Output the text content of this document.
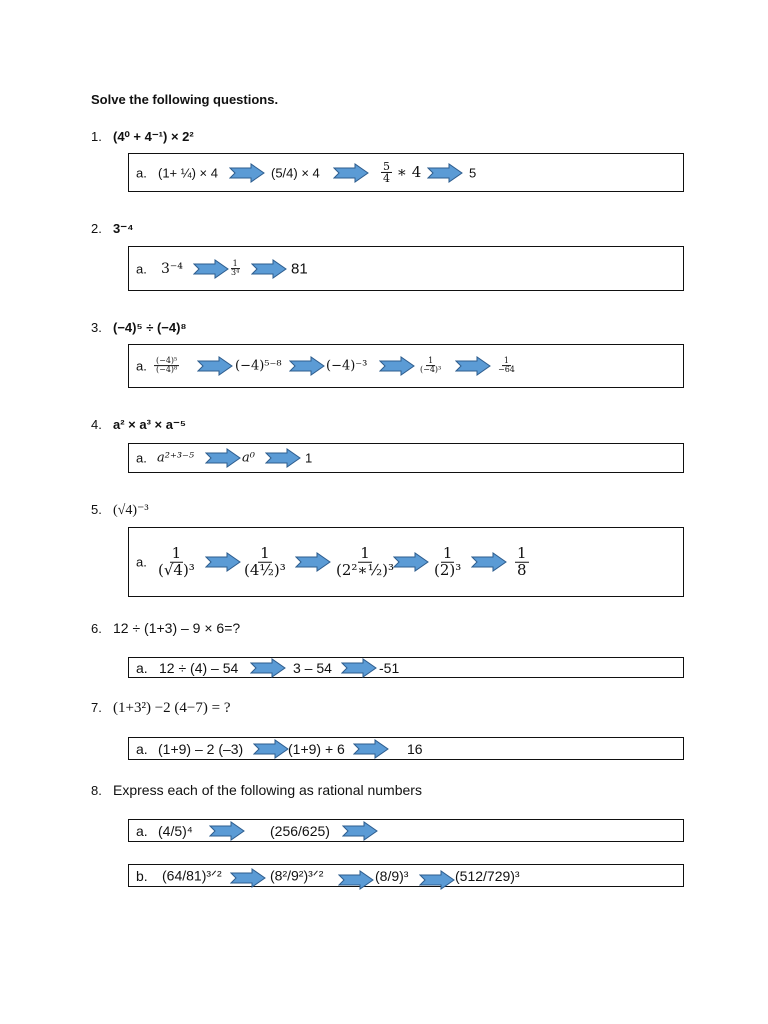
Solve the following questions.
1. (4⁰ + 4⁻¹) × 2²
a. (1+ ¼) × 4	(5/4) × 4	$\frac{5}{4}$ ∗ 4	5
2. 3⁻⁴
a. 3⁻⁴	$\frac{1}{\text{3⁴}}$	81
3. (−4)⁵ ÷ (−4)⁸
a. $\frac{\text{(−4)⁵}}{\text{(−4)⁸}}$	(−4)⁵⁻⁸	(−4)⁻³	$\frac{1}{\text{(−4)³}}$	$\frac{1}{-64}$
4. a² × a³ × a⁻⁵
a. a²⁺³⁻⁵	a⁰	1
5. (√4)⁻³
a. $\frac{1}{\text{(√4)³}}$	$\frac{1}{\text{(4½)³}}$	$\frac{1}{\text{(2²∗½)³}} \frac{1}{\text{(2)³}}$	$\frac{1}{8}$
6. 12 ÷ (1+3) – 9 × 6=?
a. 12 ÷ (4) – 54	3 – 54	-51
7. (1+3²) −2 (4−7) = ?
a. (1+9) – 2 (–3)	(1+9) + 6	16
8. Express each of the following as rational numbers
a. (4/5)⁴	(256/625)
b. (64/81)³ᐟ²	(8²/9²)³ᐟ²	(8/9)³	(512/729)³
